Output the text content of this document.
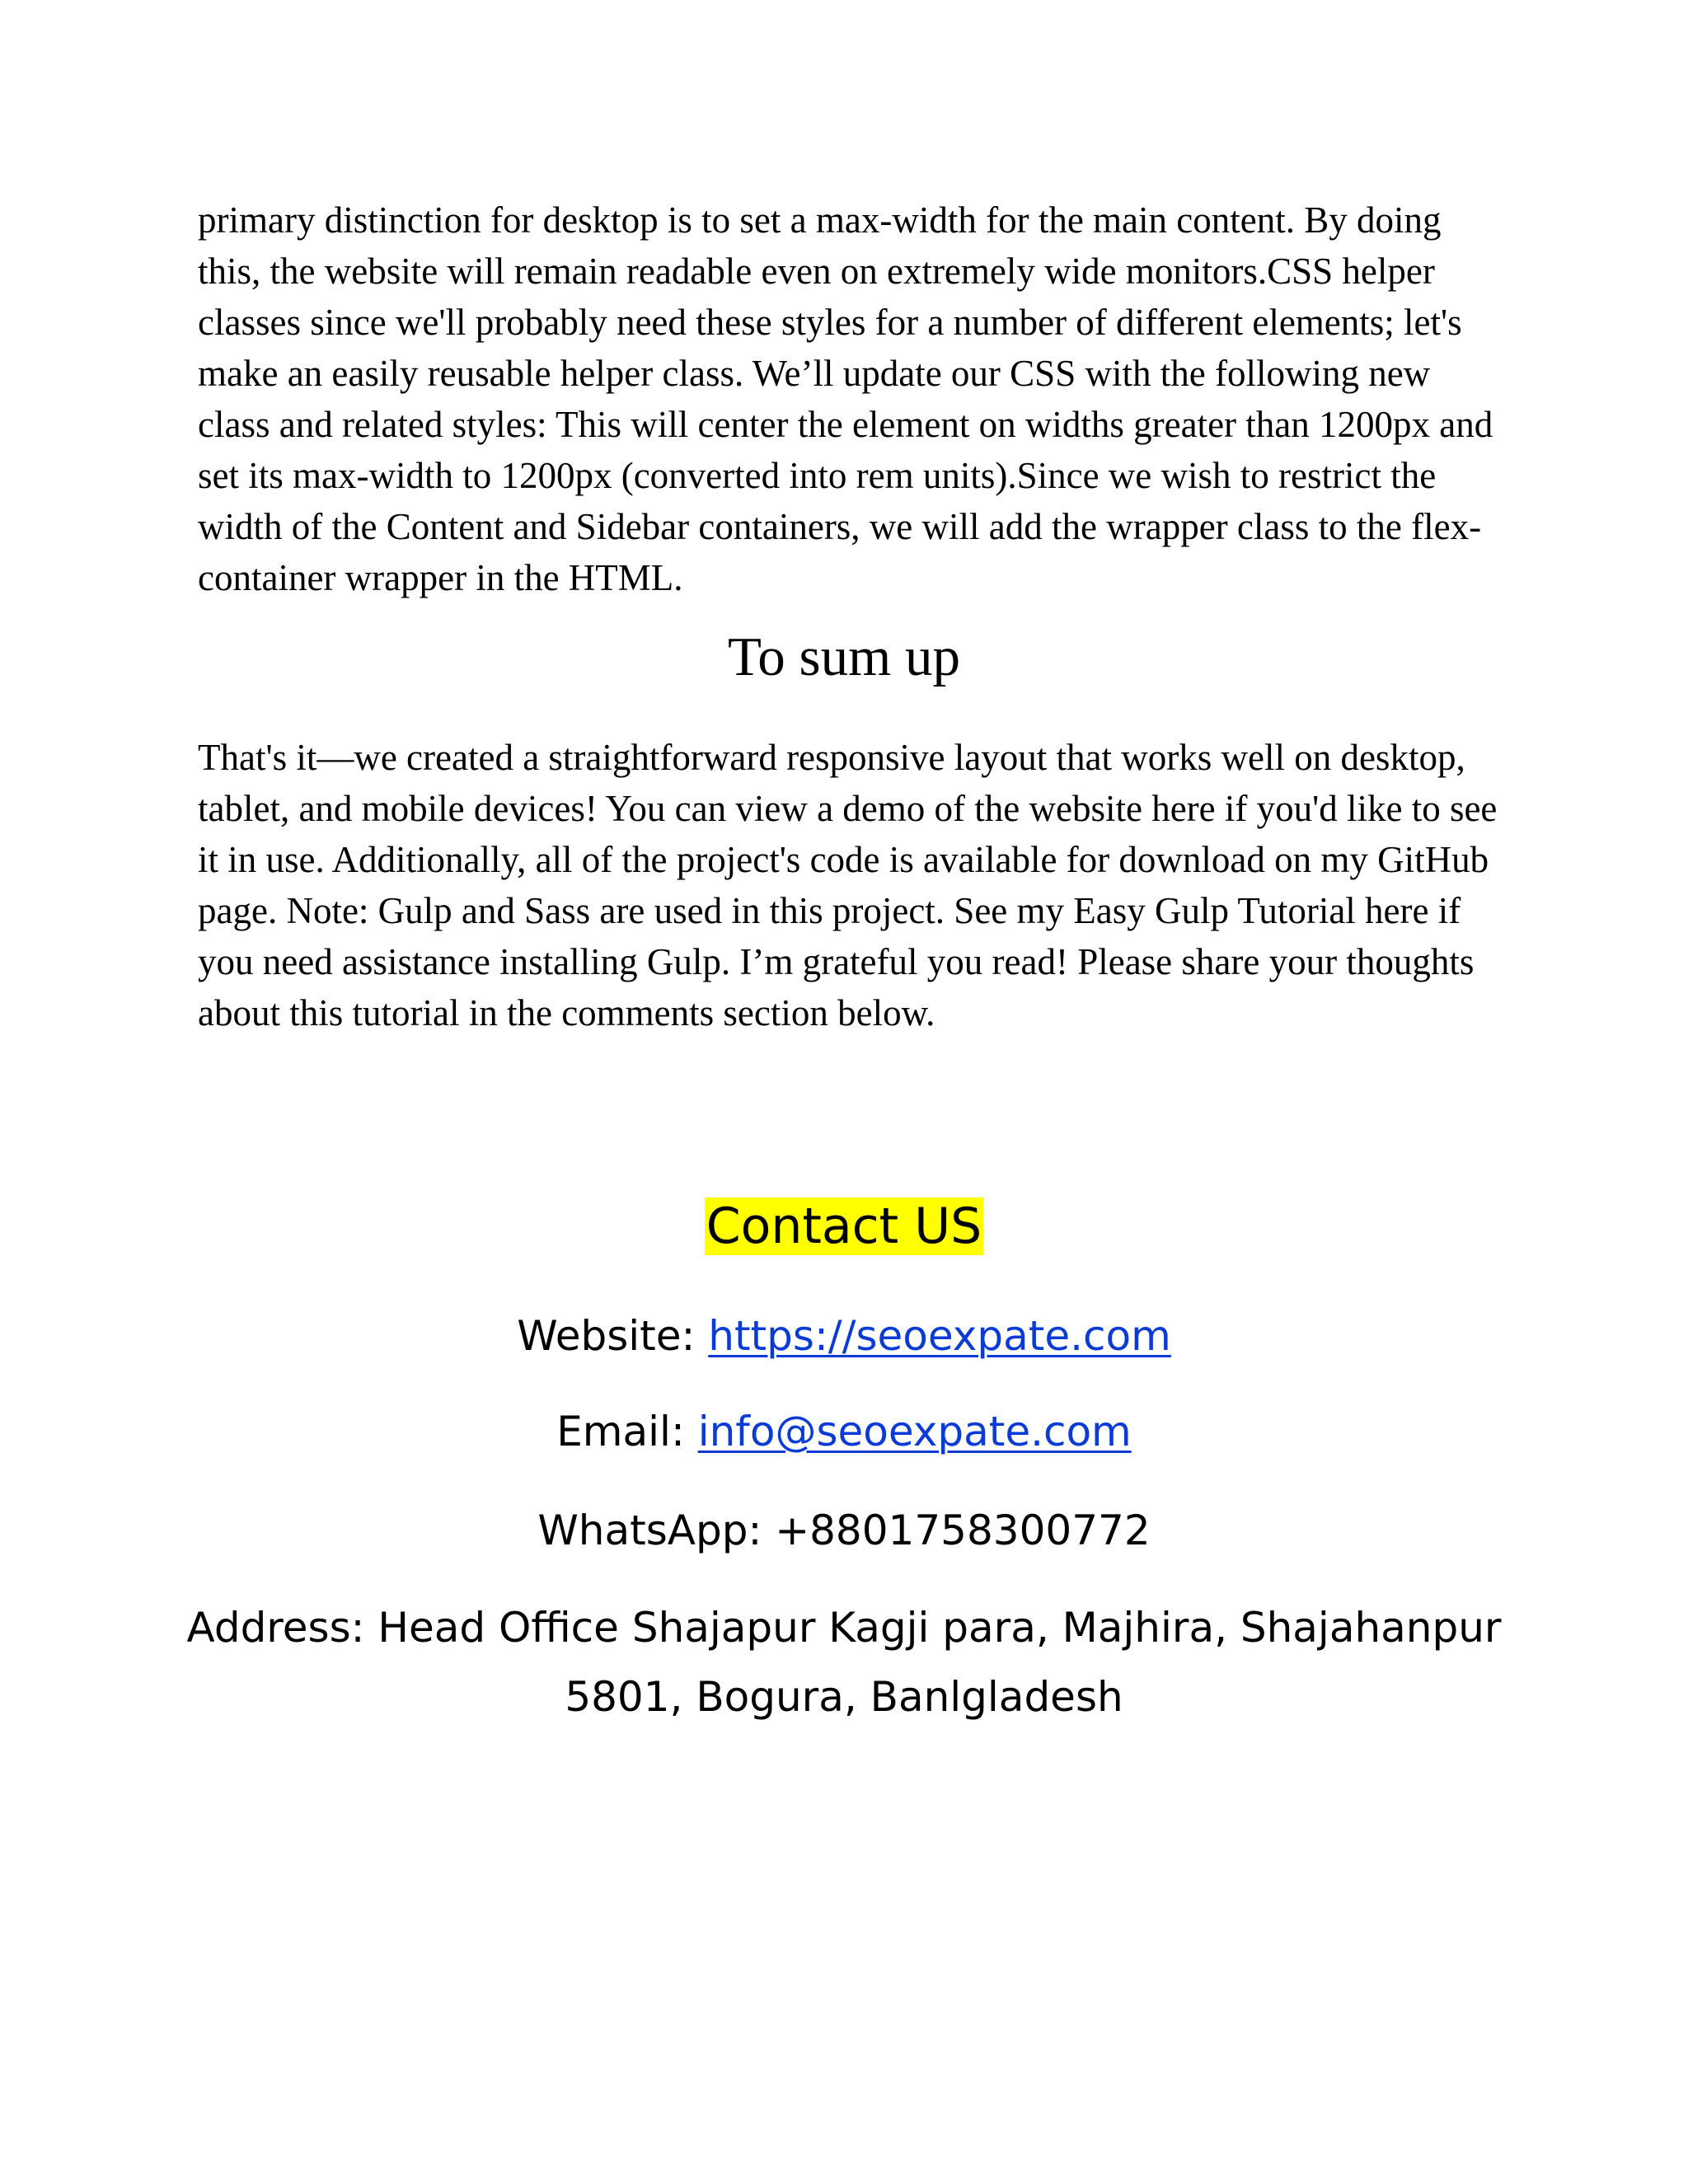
primary distinction for desktop is to set a max-width for the main content. By doing this, the website will remain readable even on extremely wide monitors.CSS helper classes since we'll probably need these styles for a number of different elements; let's make an easily reusable helper class. We’ll update our CSS with the following new class and related styles: This will center the element on widths greater than 1200px and set its max-width to 1200px (converted into rem units).Since we wish to restrict the width of the Content and Sidebar containers, we will add the wrapper class to the flex-container wrapper in the HTML.

To sum up

That's it—we created a straightforward responsive layout that works well on desktop, tablet, and mobile devices! You can view a demo of the website here if you'd like to see it in use. Additionally, all of the project's code is available for download on my GitHub page. Note: Gulp and Sass are used in this project. See my Easy Gulp Tutorial here if you need assistance installing Gulp. I’m grateful you read! Please share your thoughts about this tutorial in the comments section below.

Contact US
Website: https://seoexpate.com
Email: info@seoexpate.com
WhatsApp: +8801758300772
Address: Head Office Shajapur Kagji para, Majhira, Shajahanpur 5801, Bogura, Banlgladesh
